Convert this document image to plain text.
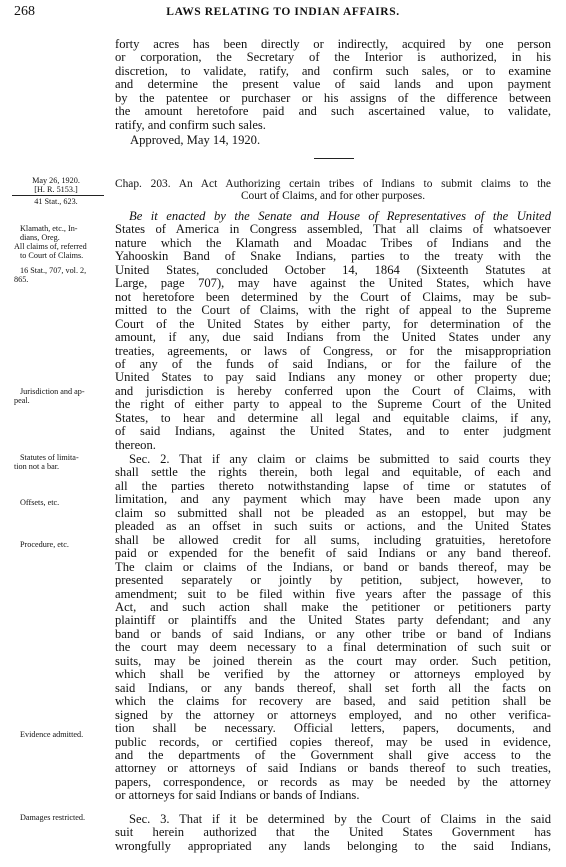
268	LAWS RELATING TO INDIAN AFFAIRS.
forty acres has been directly or indirectly, acquired by one person
or corporation, the Secretary of the Interior is authorized, in his
discretion, to validate, ratify, and confirm such sales, or to examine
and determine the present value of said lands and upon payment
by the patentee or purchaser or his assigns of the difference between
the amount heretofore paid and such ascertained value, to validate,
ratify, and confirm such sales.
Approved, May 14, 1920.
May 26, 1920.
[H. R. 5153.]
41 Stat., 623.
Chap. 203. An Act Authorizing certain tribes of Indians to submit claims to the
Court of Claims, and for other purposes.
Be it enacted by the Senate and House of Representatives of the United
States of America in Congress assembled, That all claims of whatsoever
nature which the Klamath and Moadac Tribes of Indians and the
Yahooskin Band of Snake Indians, parties to the treaty with the
United States, concluded October 14, 1864 (Sixteenth Statutes at
Large, page 707), may have against the United States, which have
not heretofore been determined by the Court of Claims, may be sub-
mitted to the Court of Claims, with the right of appeal to the Supreme
Court of the United States by either party, for determination of the
amount, if any, due said Indians from the United States under any
treaties, agreements, or laws of Congress, or for the misappropriation
of any of the funds of said Indians, or for the failure of the
United States to pay said Indians any money or other property due;
and jurisdiction is hereby conferred upon the Court of Claims, with
the right of either party to appeal to the Supreme Court of the United
States, to hear and determine all legal and equitable claims, if any,
of said Indians, against the United States, and to enter judgment
thereon.
Sec. 2. That if any claim or claims be submitted to said courts they
shall settle the rights therein, both legal and equitable, of each and
all the parties thereto notwithstanding lapse of time or statutes of
limitation, and any payment which may have been made upon any
claim so submitted shall not be pleaded as an estoppel, but may be
pleaded as an offset in such suits or actions, and the United States
shall be allowed credit for all sums, including gratuities, heretofore
paid or expended for the benefit of said Indians or any band thereof.
The claim or claims of the Indians, or band or bands thereof, may be
presented separately or jointly by petition, subject, however, to
amendment; suit to be filed within five years after the passage of this
Act, and such action shall make the petitioner or petitioners party
plaintiff or plaintiffs and the United States party defendant; and any
band or bands of said Indians, or any other tribe or band of Indians
the court may deem necessary to a final determination of such suit or
suits, may be joined therein as the court may order. Such petition,
which shall be verified by the attorney or attorneys employed by
said Indians, or any bands thereof, shall set forth all the facts on
which the claims for recovery are based, and said petition shall be
signed by the attorney or attorneys employed, and no other verifica-
tion shall be necessary. Official letters, papers, documents, and
public records, or certified copies thereof, may be used in evidence,
and the departments of the Government shall give access to the
attorney or attorneys of said Indians or bands thereof to such treaties,
papers, correspondence, or records as may be needed by the attorney
or attorneys for said Indians or bands of Indians.
Sec. 3. That if it be determined by the Court of Claims in the said
suit herein authorized that the United States Government has
wrongfully appropriated any lands belonging to the said Indians,
Klamath, etc., In-
dians, Oreg.
All claims of, referred
to Court of Claims.
16 Stat., 707, vol. 2,
865.
Jurisdiction and ap-
peal.
Statutes of limita-
tion not a bar.
Offsets, etc.
Procedure, etc.
Evidence admitted.
Damages restricted.
